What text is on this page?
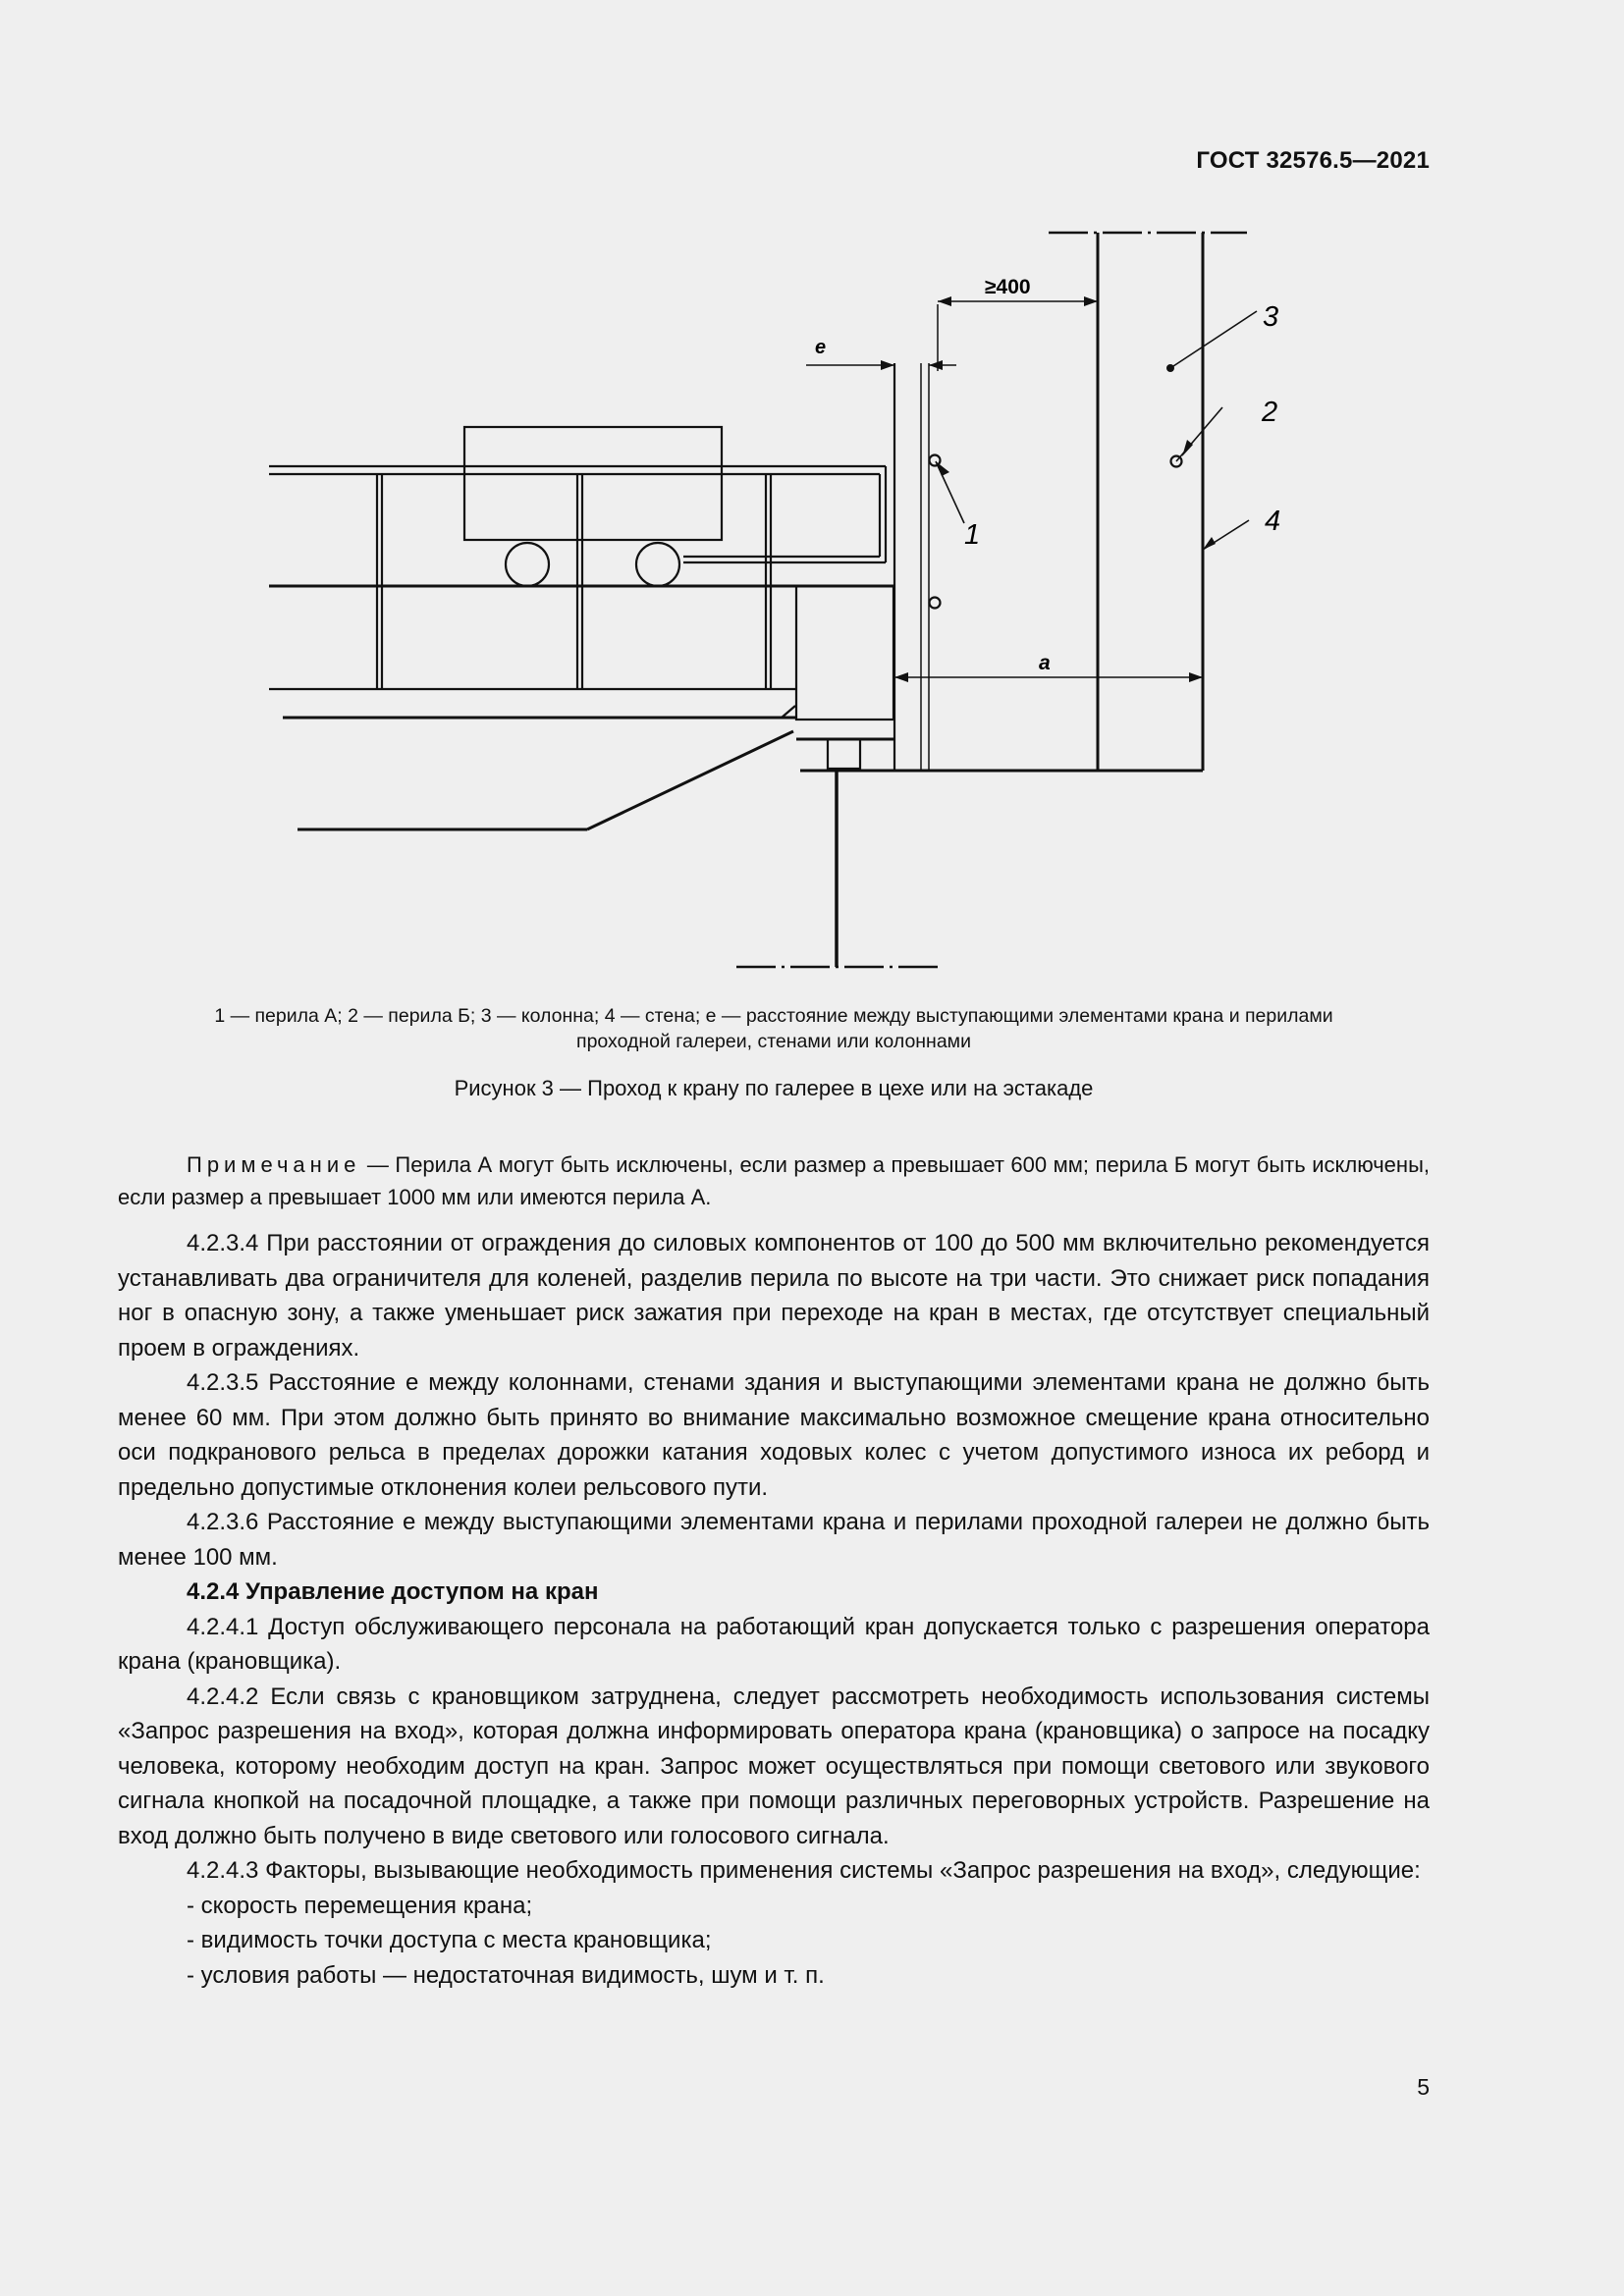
ГОСТ 32576.5—2021
e
≥400
a
1
2
3
4
1 — перила А; 2 — перила Б; 3 — колонна; 4 — стена; е — расстояние между выступающими элементами крана и перилами
проходной галереи, стенами или колоннами
Рисунок 3 — Проход к крану по галерее в цехе или на эстакаде

Примечание — Перила А могут быть исключены, если размер а превышает 600 мм; перила Б могут быть исключены, если размер а превышает 1000 мм или имеются перила А.

4.2.3.4 При расстоянии от ограждения до силовых компонентов от 100 до 500 мм включительно рекомендуется устанавливать два ограничителя для коленей, разделив перила по высоте на три части. Это снижает риск попадания ног в опасную зону, а также уменьшает риск зажатия при переходе на кран в местах, где отсутствует специальный проем в ограждениях.

4.2.3.5 Расстояние е между колоннами, стенами здания и выступающими элементами крана не должно быть менее 60 мм. При этом должно быть принято во внимание максимально возможное смещение крана относительно оси подкранового рельса в пределах дорожки катания ходовых колес с учетом допустимого износа их реборд и предельно допустимые отклонения колеи рельсового пути.

4.2.3.6 Расстояние е между выступающими элементами крана и перилами проходной галереи не должно быть менее 100 мм.

4.2.4 Управление доступом на кран

4.2.4.1 Доступ обслуживающего персонала на работающий кран допускается только с разрешения оператора крана (крановщика).

4.2.4.2 Если связь с крановщиком затруднена, следует рассмотреть необходимость использования системы «Запрос разрешения на вход», которая должна информировать оператора крана (крановщика) о запросе на посадку человека, которому необходим доступ на кран. Запрос может осуществляться при помощи светового или звукового сигнала кнопкой на посадочной площадке, а также при помощи различных переговорных устройств. Разрешение на вход должно быть получено в виде светового или голосового сигнала.

4.2.4.3 Факторы, вызывающие необходимость применения системы «Запрос разрешения на вход», следующие:

- скорость перемещения крана;

- видимость точки доступа с места крановщика;

- условия работы — недостаточная видимость, шум и т. п.

5
